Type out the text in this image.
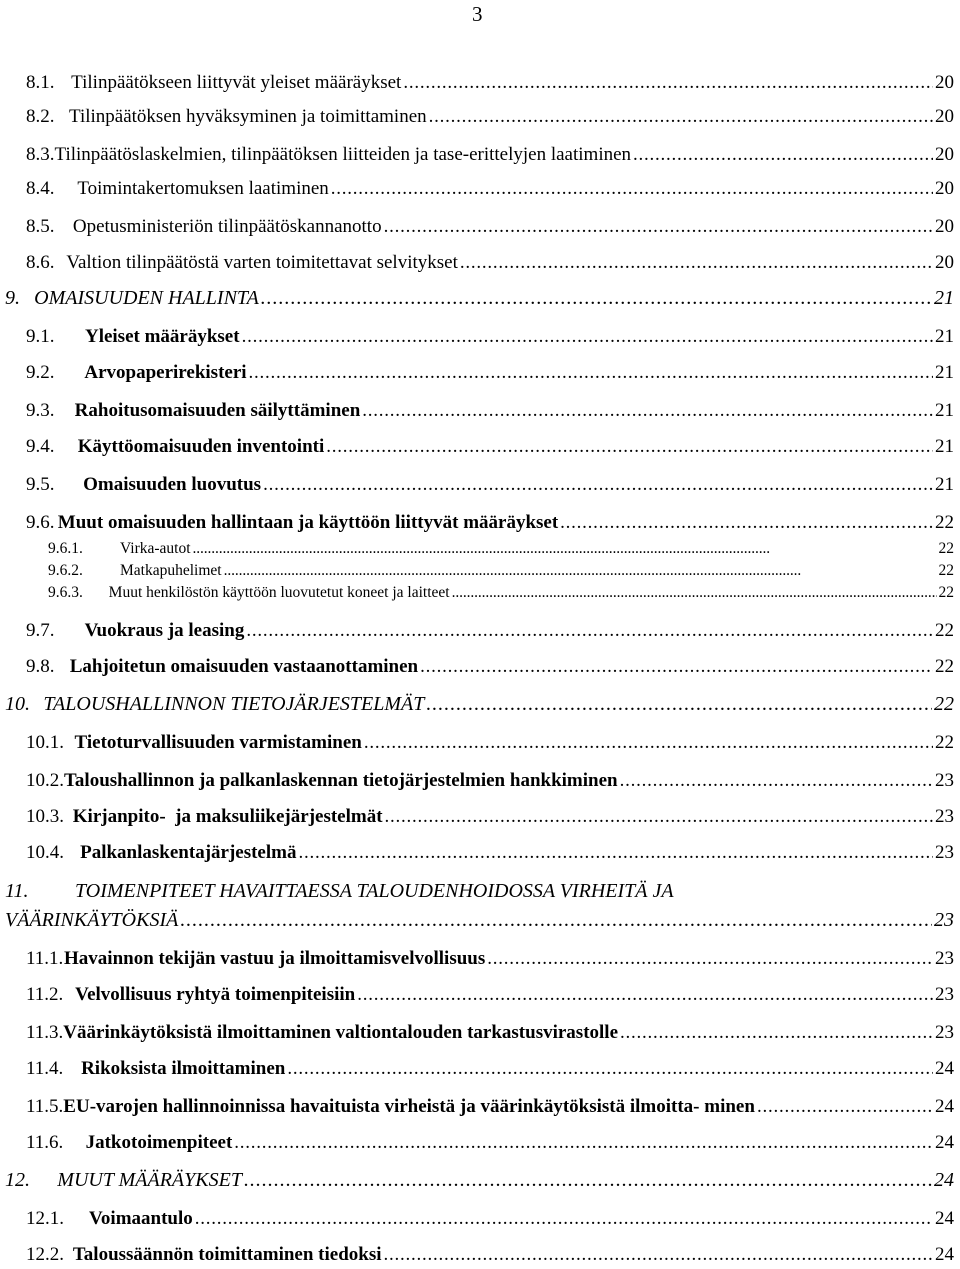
3
8.1. Tilinpäätökseen liittyvät yleiset määräykset . . .	20
8.2. Tilinpäätöksen hyväksyminen ja toimittaminen . . .	20
8.3. Tilinpäätöslaskelmien, tilinpäätöksen liitteiden ja tase-erittelyjen laatiminen . . .	20
8.4.	Toimintakertomuksen laatiminen . . .	20
8.5. Opetusministeriön tilinpäätöskannanotto . . .	20
8.6. Valtion tilinpäätöstä varten toimitettavat selvitykset . . .	20
9. OMAISUUDEN HALLINTA . . .	21
9.1.	Yleiset määräykset . . .	21
9.2.	Arvopaperirekisteri . . .	21
9.3.	Rahoitusomaisuuden säilyttäminen . . .	21
9.4.	Käyttöomaisuuden inventointi . . .	21
9.5.	Omaisuuden luovutus . . .	21
9.6. Muut omaisuuden hallintaan ja käyttöön liittyvät määräykset . . .	22
9.6.1.	Virka-autot . . .	22
9.6.2.	Matkapuhelimet . . .	22
9.6.3.	Muut henkilöstön käyttöön luovutetut koneet ja laitteet . . .	22
9.7.	Vuokraus ja leasing . . .	22
9.8. Lahjoitetun omaisuuden vastaanottaminen . . .	22
10. TALOUSHALLINNON TIETOJÄRJESTELMÄT . . .	22
10.1. Tietoturvallisuuden varmistaminen . . .	22
10.2. Taloushallinnon ja palkanlaskennan tietojärjestelmien hankkiminen . . .	23
10.3. Kirjanpito-  ja maksuliikejärjestelmät . . .	23
10.4. Palkanlaskentajärjestelmä . . .	23
11. TOIMENPITEET HAVAITTAESSA TALOUDENHOIDOSSA VIRHEITÄ JA
VÄÄRINKÄYTÖKSIÄ . . .	23
11.1. Havainnon tekijän vastuu ja ilmoittamisvelvollisuus . . .	23
11.2. Velvollisuus ryhtyä toimenpiteisiin . . .	23
11.3. Väärinkäytöksistä ilmoittaminen valtiontalouden tarkastusvirastolle . . .	23
11.4. Rikoksista ilmoittaminen . . .	24
11.5. EU-varojen hallinnoinnissa havaituista virheistä ja väärinkäytöksistä ilmoitta- minen . . .	24
11.6.	Jatkotoimenpiteet . . .	24
12.	MUUT MÄÄRÄYKSET . . .	24
12.1.	Voimaantulo . . .	24
12.2. Taloussäännön toimittaminen tiedoksi . . .	24
